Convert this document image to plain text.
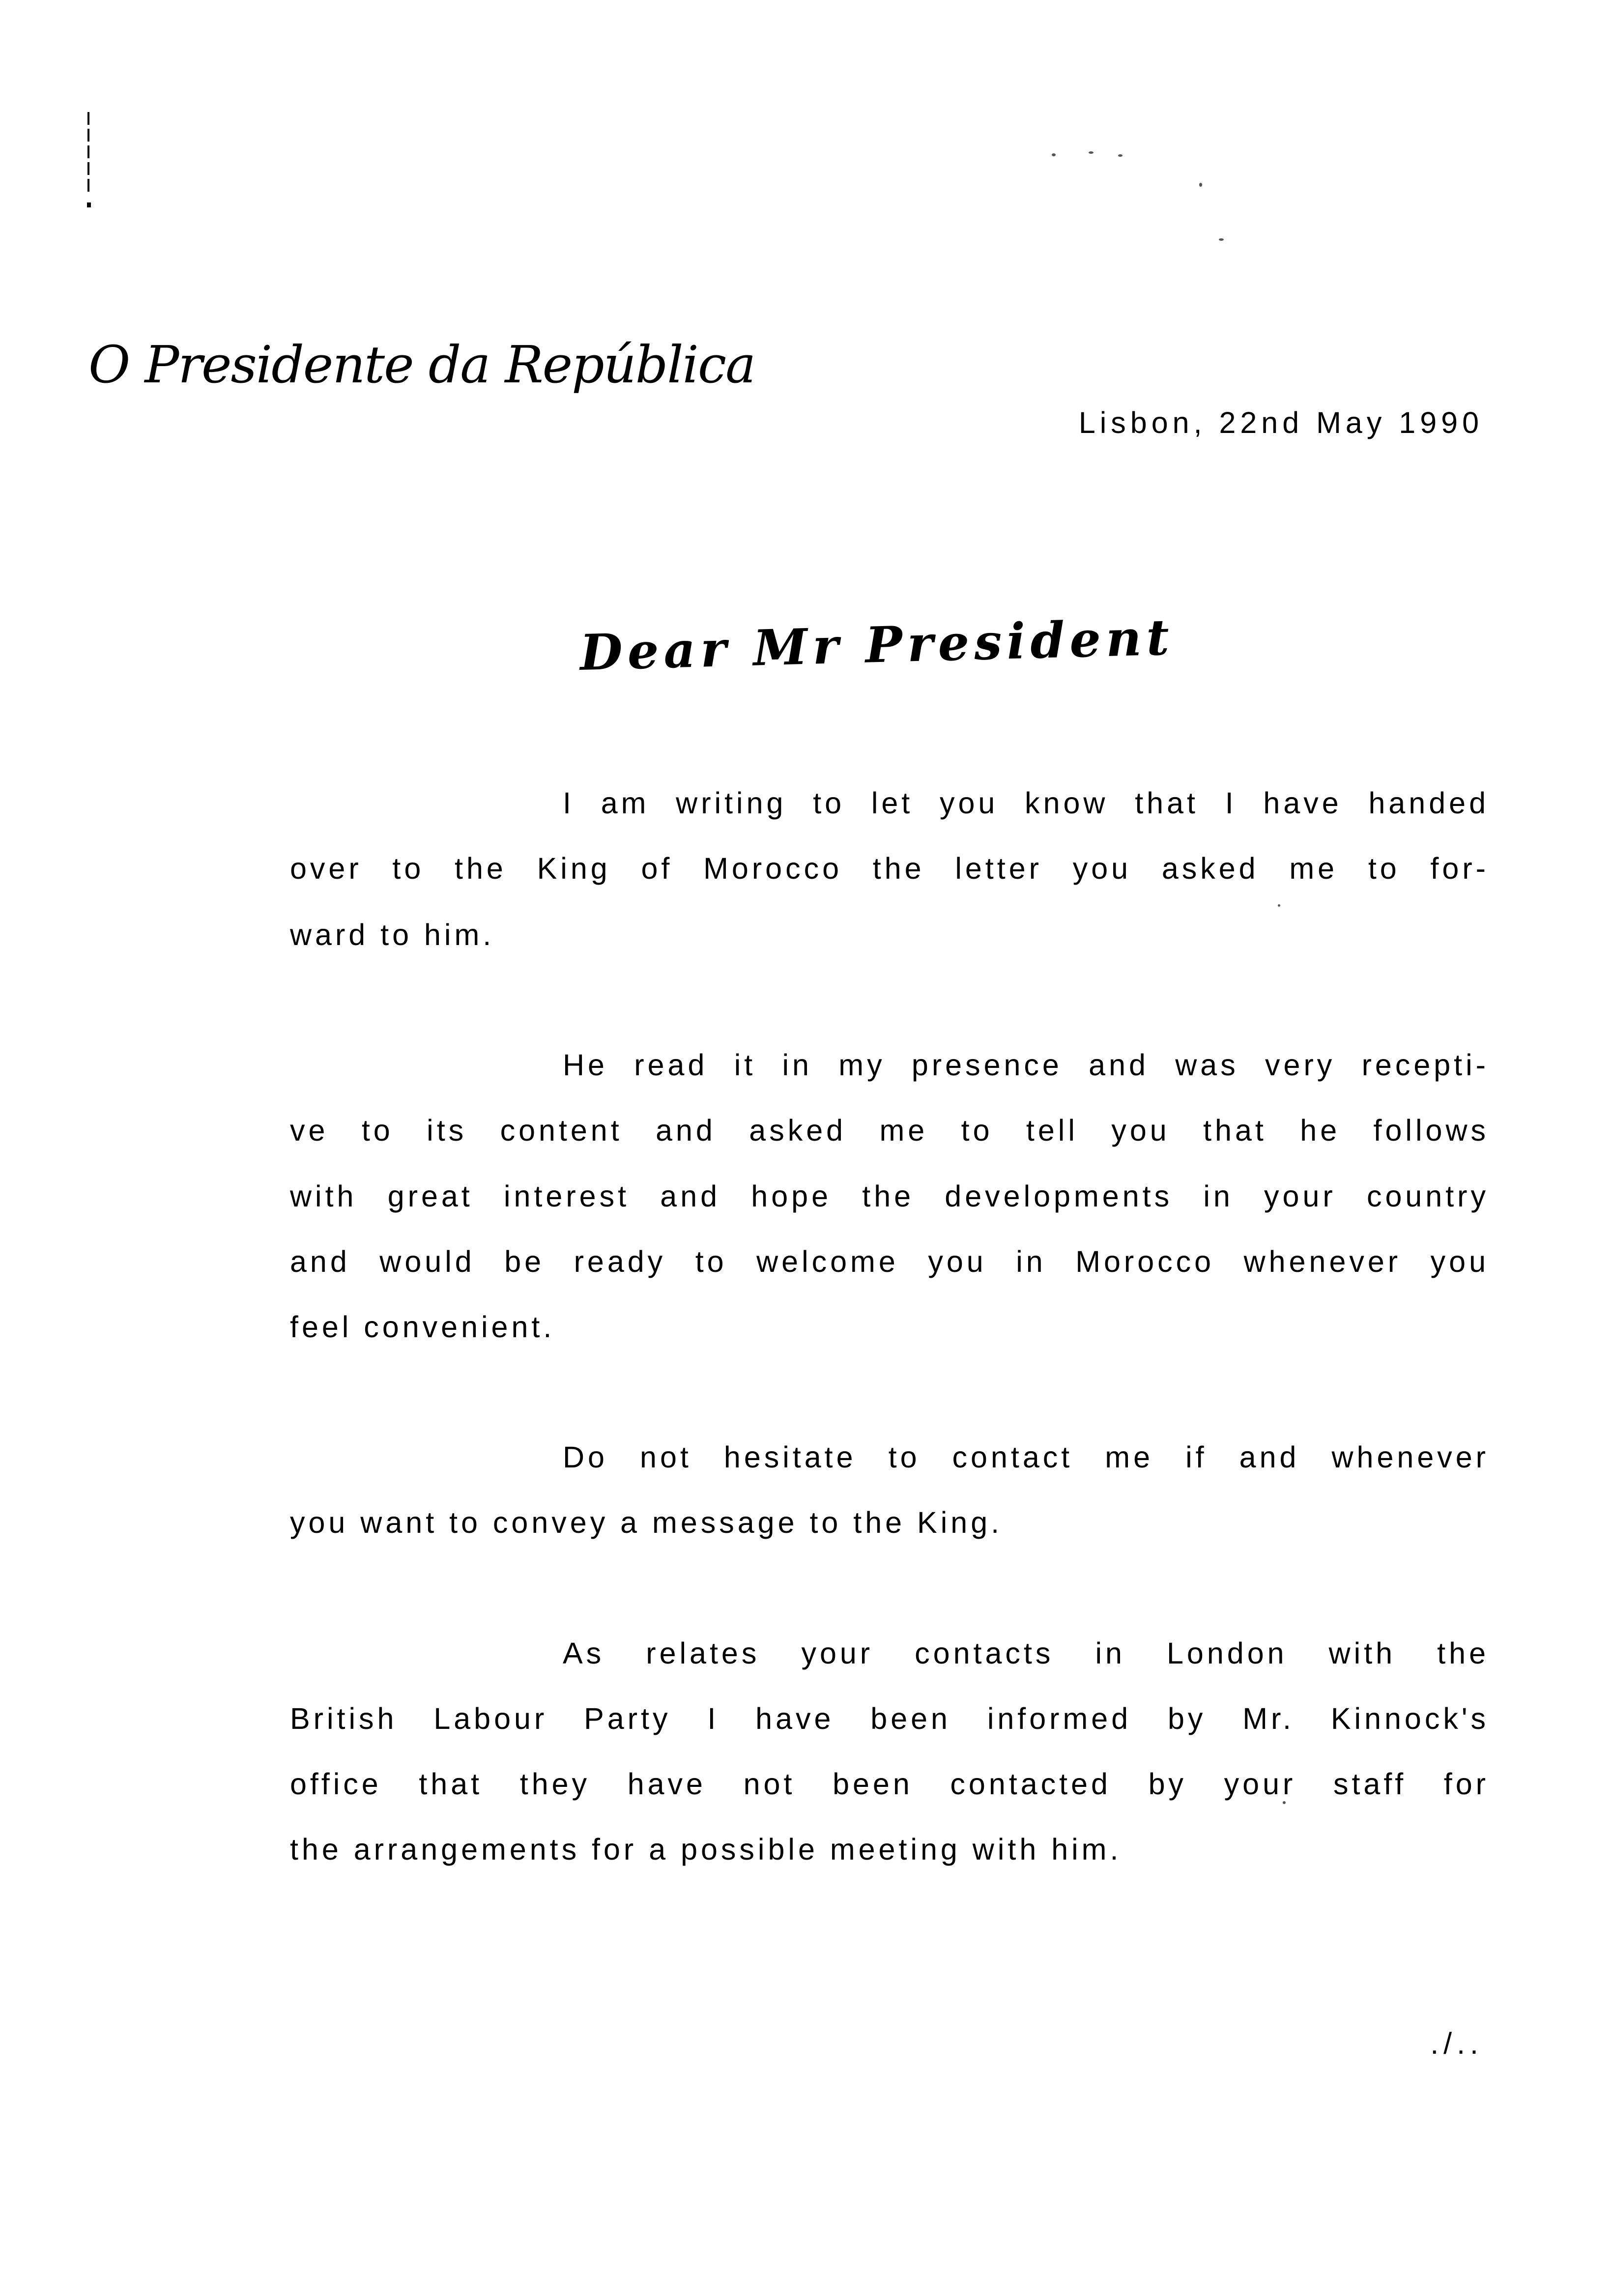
O Presidente da República
Lisbon, 22nd May 1990
Dear Mr President
I am writing to let you know that I have handed
over to the King of Morocco the letter you asked me to for-
ward to him.
He read it in my presence and was very recepti-
ve to its content and asked me to tell you that he follows
with great interest and hope the developments in your country
and would be ready to welcome you in Morocco whenever you
feel convenient.
Do not hesitate to contact me if and whenever
you want to convey a message to the King.
As relates your contacts in London with the
British Labour Party I have been informed by Mr. Kinnock's
office that they have not been contacted by your staff for
the arrangements for a possible meeting with him.
./..
